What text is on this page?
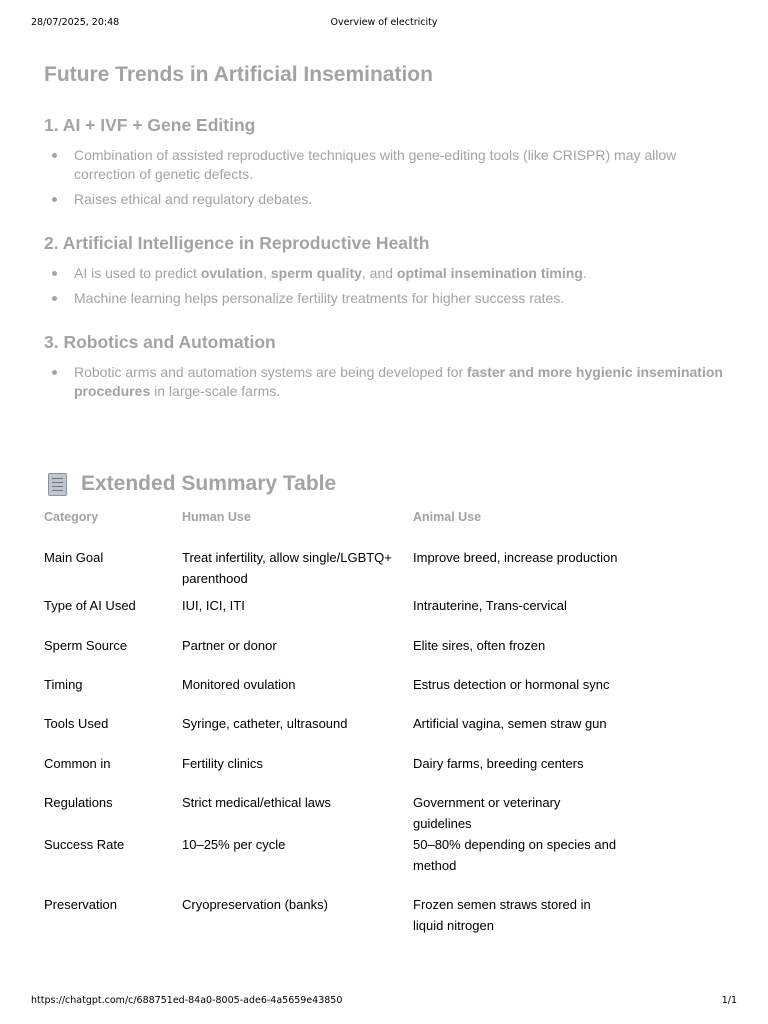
28/07/2025, 20:48	Overview of electricity
Future Trends in Artificial Insemination
1. AI + IVF + Gene Editing
Combination of assisted reproductive techniques with gene-editing tools (like CRISPR) may allow correction of genetic defects.
Raises ethical and regulatory debates.
2. Artificial Intelligence in Reproductive Health
AI is used to predict ovulation, sperm quality, and optimal insemination timing.
Machine learning helps personalize fertility treatments for higher success rates.
3. Robotics and Automation
Robotic arms and automation systems are being developed for faster and more hygienic insemination procedures in large-scale farms.
Extended Summary Table
Category	Human Use	Animal Use
Main Goal	Treat infertility, allow single/LGBTQ+ parenthood	Improve breed, increase production
Type of AI Used	IUI, ICI, ITI	Intrauterine, Trans-cervical
Sperm Source	Partner or donor	Elite sires, often frozen
Timing	Monitored ovulation	Estrus detection or hormonal sync
Tools Used	Syringe, catheter, ultrasound	Artificial vagina, semen straw gun
Common in	Fertility clinics	Dairy farms, breeding centers
Regulations	Strict medical/ethical laws	Government or veterinary guidelines
Success Rate	10–25% per cycle	50–80% depending on species and method
Preservation	Cryopreservation (banks)	Frozen semen straws stored in liquid nitrogen
https://chatgpt.com/c/688751ed-84a0-8005-ade6-4a5659e43850	1/1
